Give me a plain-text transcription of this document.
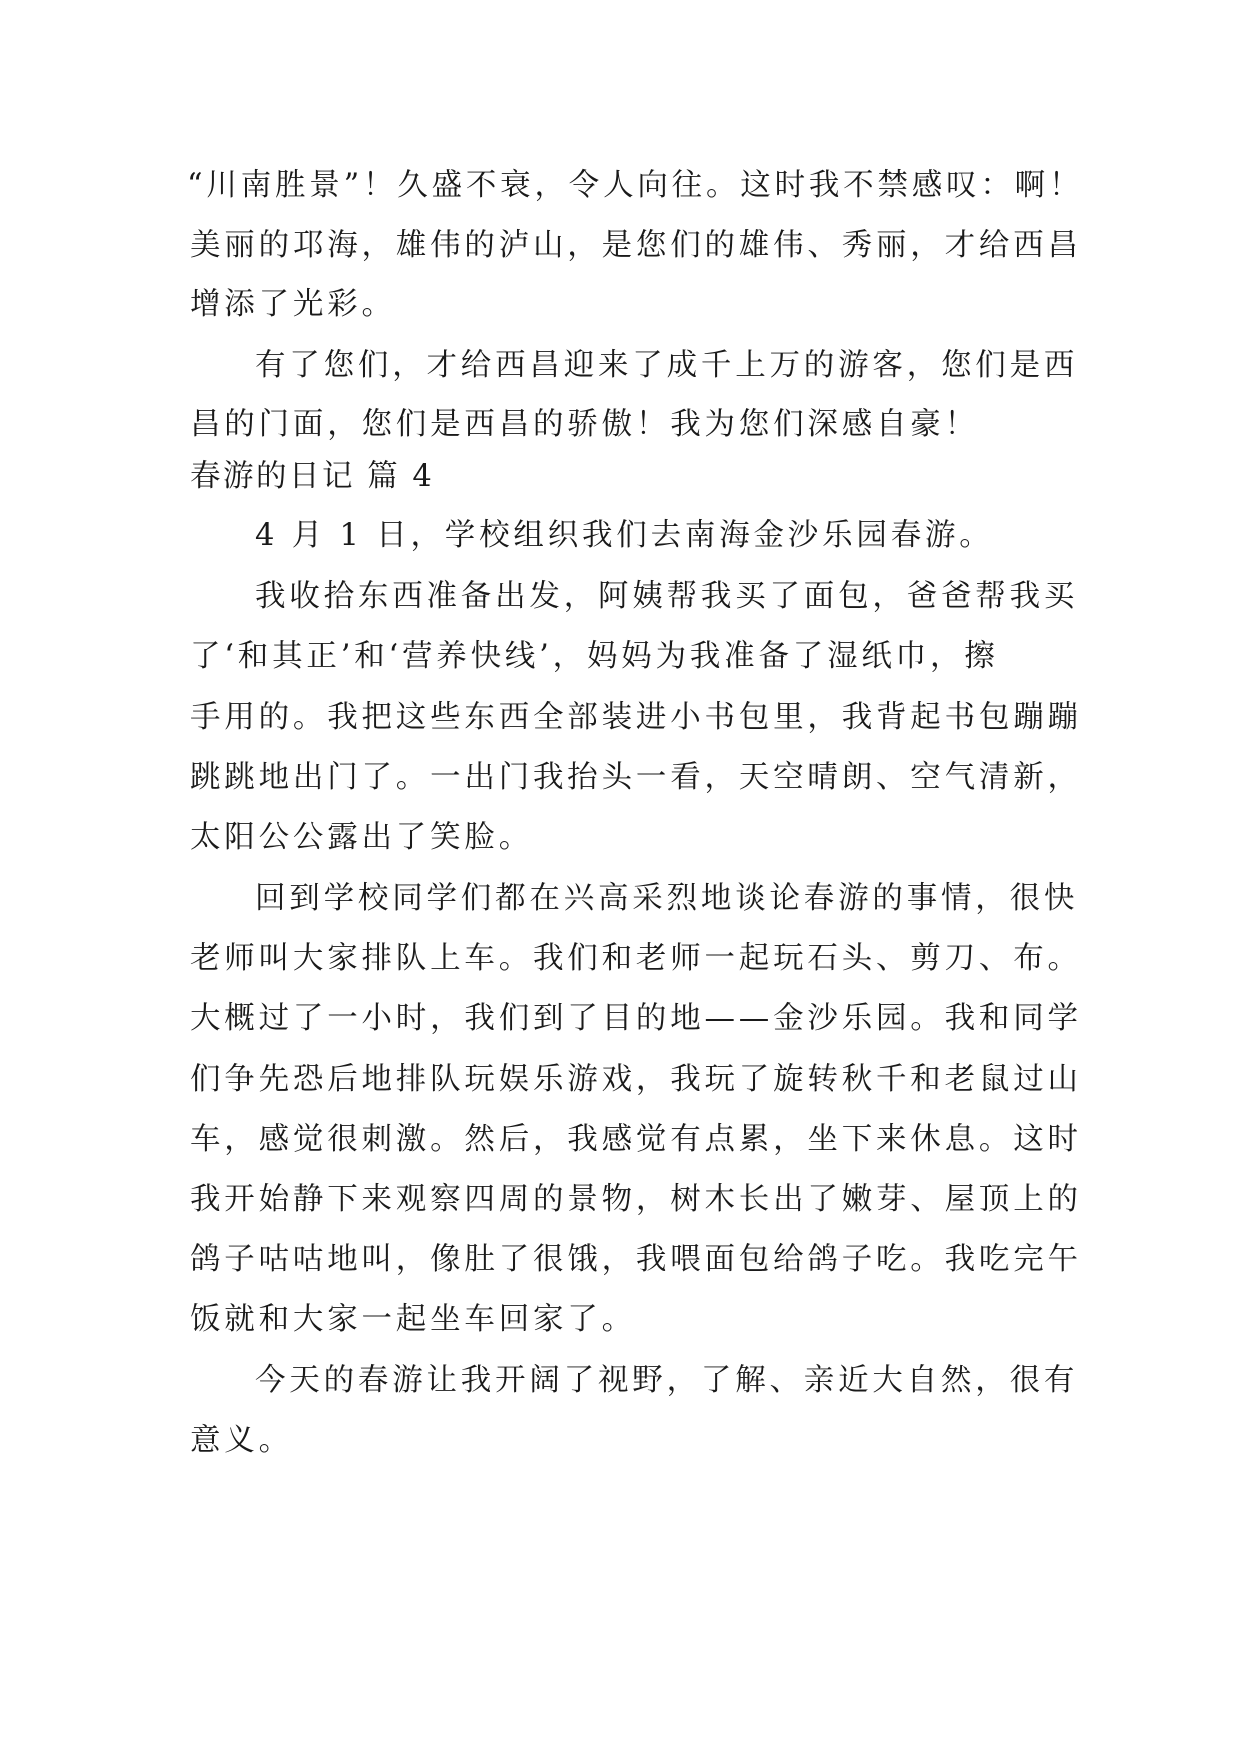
“川南胜景”！久盛不衰，令人向往。这时我不禁感叹：啊！
美丽的邛海，雄伟的泸山，是您们的雄伟、秀丽，才给西昌
增添了光彩。
有了您们，才给西昌迎来了成千上万的游客，您们是西
昌的门面，您们是西昌的骄傲！我为您们深感自豪！
春游的日记 篇 4
4 月 1 日，学校组织我们去南海金沙乐园春游。
我收拾东西准备出发，阿姨帮我买了面包，爸爸帮我买
了‘和其正’和‘营养快线’，妈妈为我准备了湿纸巾，擦
手用的。我把这些东西全部装进小书包里，我背起书包蹦蹦
跳跳地出门了。一出门我抬头一看，天空晴朗、空气清新，
太阳公公露出了笑脸。
回到学校同学们都在兴高采烈地谈论春游的事情，很快
老师叫大家排队上车。我们和老师一起玩石头、剪刀、布。
大概过了一小时，我们到了目的地——金沙乐园。我和同学
们争先恐后地排队玩娱乐游戏，我玩了旋转秋千和老鼠过山
车，感觉很刺激。然后，我感觉有点累，坐下来休息。这时
我开始静下来观察四周的景物，树木长出了嫩芽、屋顶上的
鸽子咕咕地叫，像肚了很饿，我喂面包给鸽子吃。我吃完午
饭就和大家一起坐车回家了。
今天的春游让我开阔了视野，了解、亲近大自然，很有
意义。
